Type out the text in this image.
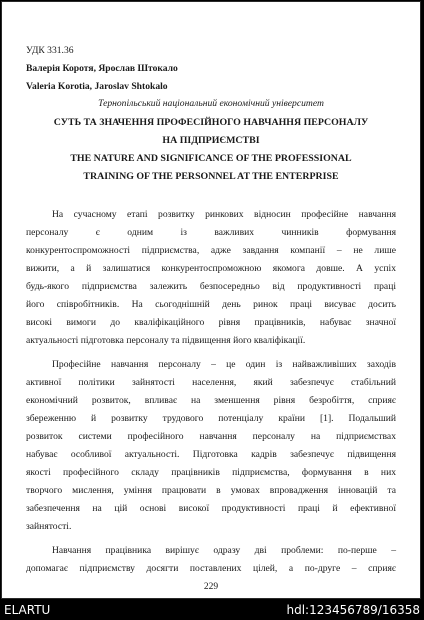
УДК 331.36
Валерія Коротя, Ярослав Штокало
Valeria Korotia, Jaroslav Shtokalo
Тернопільський національний економічний університет
СУТЬ ТА ЗНАЧЕННЯ ПРОФЕСІЙНОГО НАВЧАННЯ ПЕРСОНАЛУ
НА ПІДПРИЄМСТВІ
THE NATURE AND SIGNIFICANCE OF THE PROFESSIONAL
TRAINING OF THE PERSONNEL AT THE ENTERPRISE
На сучасному етапі розвитку ринкових відносин професійне навчання
персоналу є одним із важливих чинників формування
конкурентоспроможності підприємства, адже завдання компанії – не лише
вижити, а й залишатися конкурентоспроможною якомога довше. А успіх
будь-якого підприємства залежить безпосередньо від продуктивності праці
його співробітників. На сьогоднішній день ринок праці висуває досить
високі вимоги до кваліфікаційного рівня працівників, набуває значної
актуальності підготовка персоналу та підвищення його кваліфікації.
Професійне навчання персоналу – це один із найважливіших заходів
активної політики зайнятості населення, який забезпечує стабільний
економічний розвиток, впливає на зменшення рівня безробіття, сприяє
збереженню й розвитку трудового потенціалу країни [1]. Подальший
розвиток системи професійного навчання персоналу на підприємствах
набуває особливої актуальності. Підготовка кадрів забезпечує підвищення
якості професійного складу працівників підприємства, формування в них
творчого мислення, уміння працювати в умовах впровадження інновацій та
забезпечення на цій основі високої продуктивності праці й ефективної
зайнятості.
Навчання працівника вирішує одразу дві проблеми: по-перше –
допомагає підприємству досягти поставлених цілей, а по-друге – сприяє
229
ELARTU	hdl:123456789/16358
